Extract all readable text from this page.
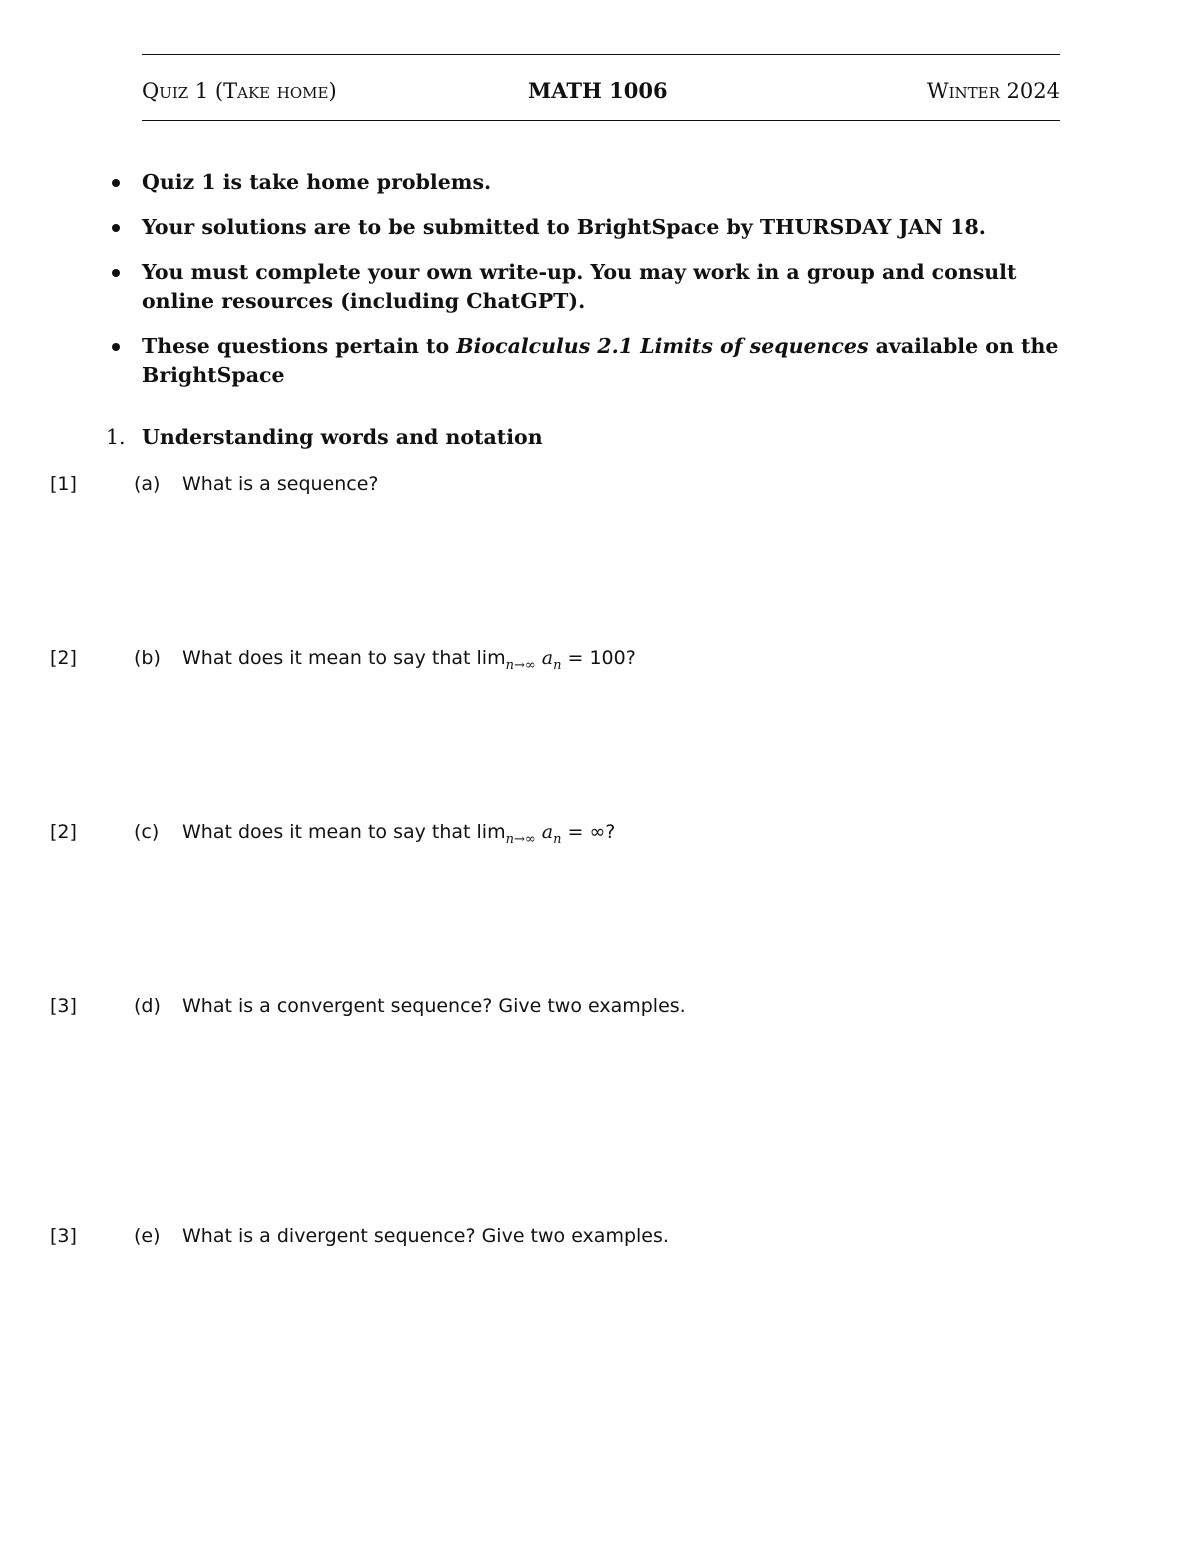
Quiz 1 (Take home)	MATH 1006	Winter 2024
Quiz 1 is take home problems.
Your solutions are to be submitted to BrightSpace by THURSDAY JAN 18.
You must complete your own write-up. You may work in a group and consult online resources (including ChatGPT).
These questions pertain to Biocalculus 2.1 Limits of sequences available on the BrightSpace
1. Understanding words and notation
[1]	(a) What is a sequence?
[2]	(b) What does it mean to say that $\lim_{n\to\infty} a_n = 100$?
[2]	(c) What does it mean to say that $\lim_{n\to\infty} a_n$ = ∞?
[3]	(d) What is a convergent sequence? Give two examples.
[3]	(e) What is a divergent sequence? Give two examples.
